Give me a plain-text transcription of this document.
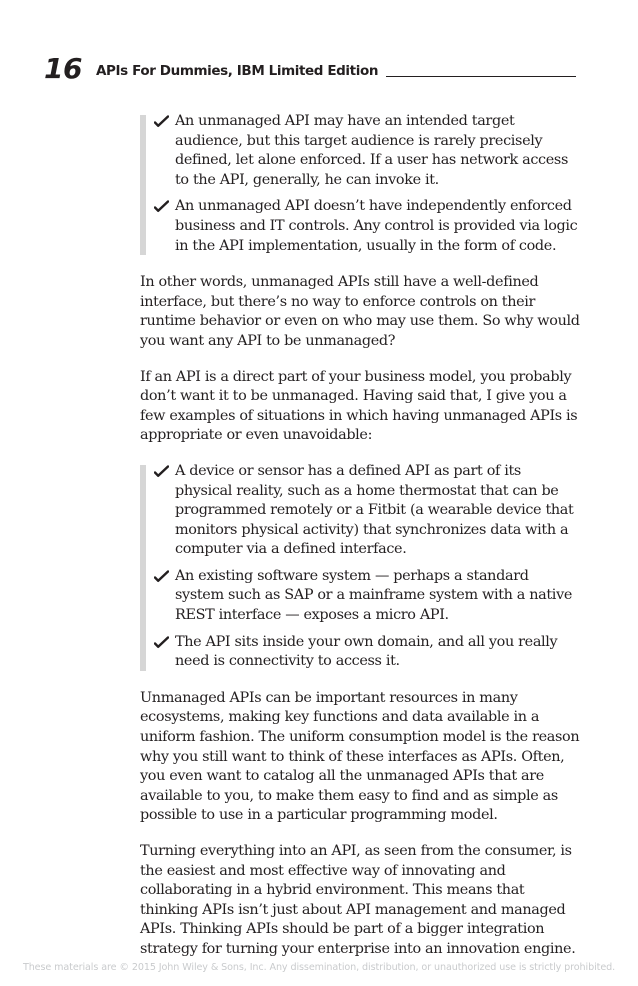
16 APIs For Dummies, IBM Limited Edition
An unmanaged API may have an intended target audience, but this target audience is rarely precisely defined, let alone enforced. If a user has network access to the API, generally, he can invoke it.
An unmanaged API doesn’t have independently enforced business and IT controls. Any control is provided via logic in the API implementation, usually in the form of code.

In other words, unmanaged APIs still have a well-defined interface, but there’s no way to enforce controls on their runtime behavior or even on who may use them. So why would you want any API to be unmanaged?

If an API is a direct part of your business model, you probably don’t want it to be unmanaged. Having said that, I give you a few examples of situations in which having unmanaged APIs is appropriate or even unavoidable:

A device or sensor has a defined API as part of its physical reality, such as a home thermostat that can be programmed remotely or a Fitbit (a wearable device that monitors physical activity) that synchronizes data with a computer via a defined interface.
An existing software system — perhaps a standard system such as SAP or a mainframe system with a native REST interface — exposes a micro API.
The API sits inside your own domain, and all you really need is connectivity to access it.

Unmanaged APIs can be important resources in many ecosystems, making key functions and data available in a uniform fashion. The uniform consumption model is the reason why you still want to think of these interfaces as APIs. Often, you even want to catalog all the unmanaged APIs that are available to you, to make them easy to find and as simple as possible to use in a particular programming model.

Turning everything into an API, as seen from the consumer, is the easiest and most effective way of innovating and collaborating in a hybrid environment. This means that thinking APIs isn’t just about API management and managed APIs. Thinking APIs should be part of a bigger integration strategy for turning your enterprise into an innovation engine.

These materials are © 2015 John Wiley & Sons, Inc. Any dissemination, distribution, or unauthorized use is strictly prohibited.
